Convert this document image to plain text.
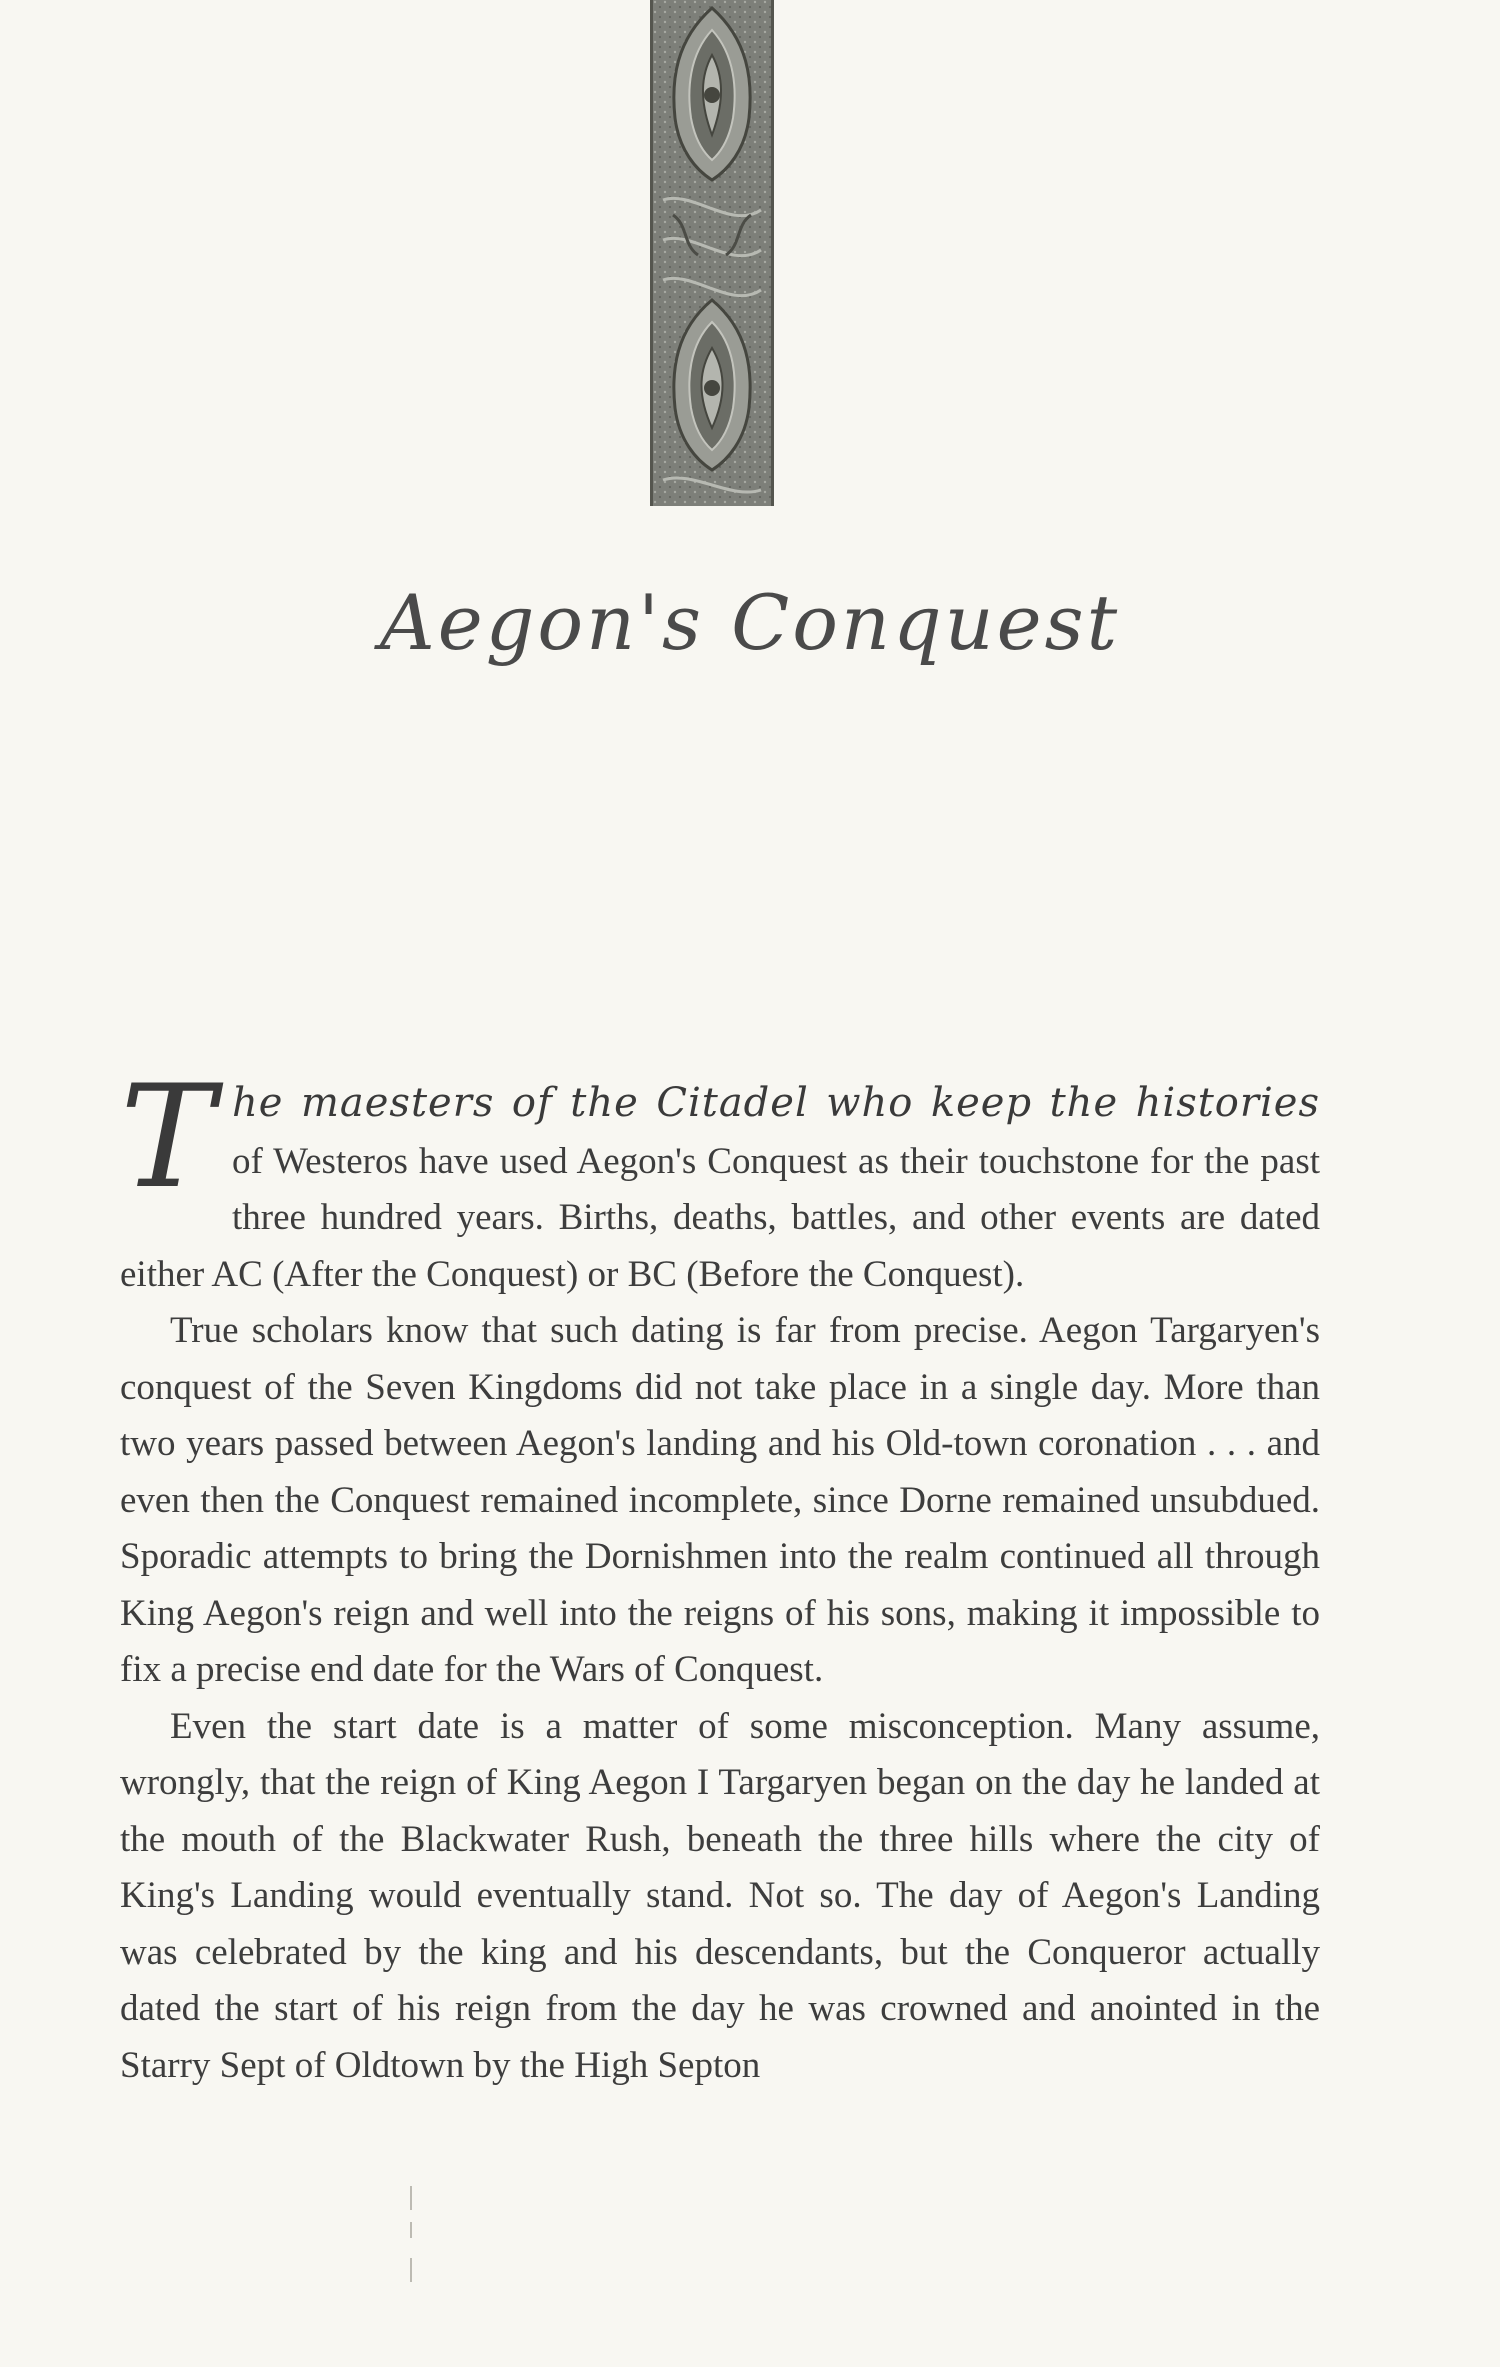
Aegon's Conquest

The maesters of the Citadel who keep the histories of Westeros have used Aegon's Conquest as their touchstone for the past three hundred years. Births, deaths, battles, and other events are dated either AC (After the Conquest) or BC (Before the Conquest).

True scholars know that such dating is far from precise. Aegon Targaryen's conquest of the Seven Kingdoms did not take place in a single day. More than two years passed between Aegon's landing and his Old-town coronation . . . and even then the Conquest remained incomplete, since Dorne remained unsubdued. Sporadic attempts to bring the Dornishmen into the realm continued all through King Aegon's reign and well into the reigns of his sons, making it impossible to fix a precise end date for the Wars of Conquest.

Even the start date is a matter of some misconception. Many assume, wrongly, that the reign of King Aegon I Targaryen began on the day he landed at the mouth of the Blackwater Rush, beneath the three hills where the city of King's Landing would eventually stand. Not so. The day of Aegon's Landing was celebrated by the king and his descendants, but the Conqueror actually dated the start of his reign from the day he was crowned and anointed in the Starry Sept of Oldtown by the High Septon
